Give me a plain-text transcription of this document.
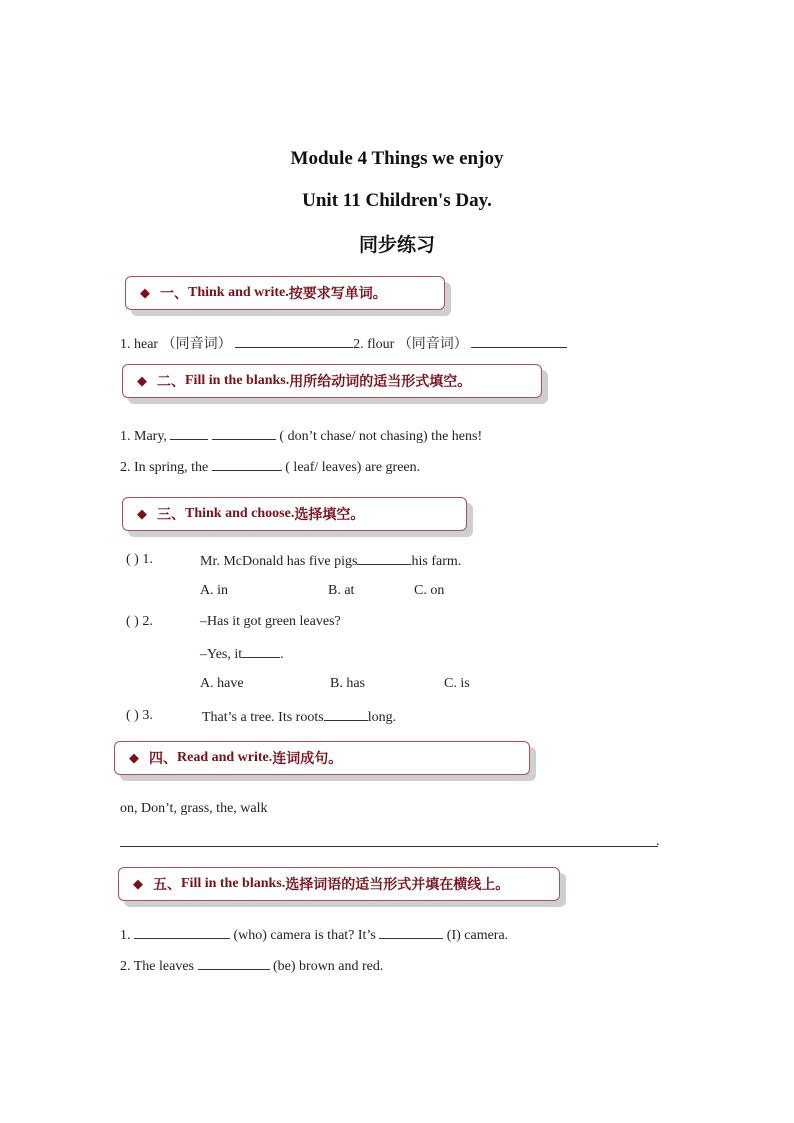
Module 4 Things we enjoy
Unit 11 Children's Day.
同步练习
◆ 一、 Think and write. 按要求写单词。
1. hear （同音词）	2. flour （同音词）
◆ 二、 Fill in the blanks. 用所给动词的适当形式填空。
1. Mary,	( don’t chase/ not chasing) the hens!
2. In spring, the	( leaf/ leaves) are green.
◆ 三、 Think and choose. 选择填空。
( ) 1.	Mr. McDonald has five pigs	his farm.
A. in	B. at	C. on
( ) 2.	–Has it got green leaves?
–Yes, it	.
A. have	B. has	C. is
( ) 3.	That’s a tree. Its roots	long.
◆ 四、 Read and write. 连词成句。
on, Don’t, grass, the, walk
.
◆ 五、 Fill in the blanks. 选择词语的适当形式并填在横线上。
1.	(who) camera is that? It’s	(I) camera.
2. The leaves	(be) brown and red.
